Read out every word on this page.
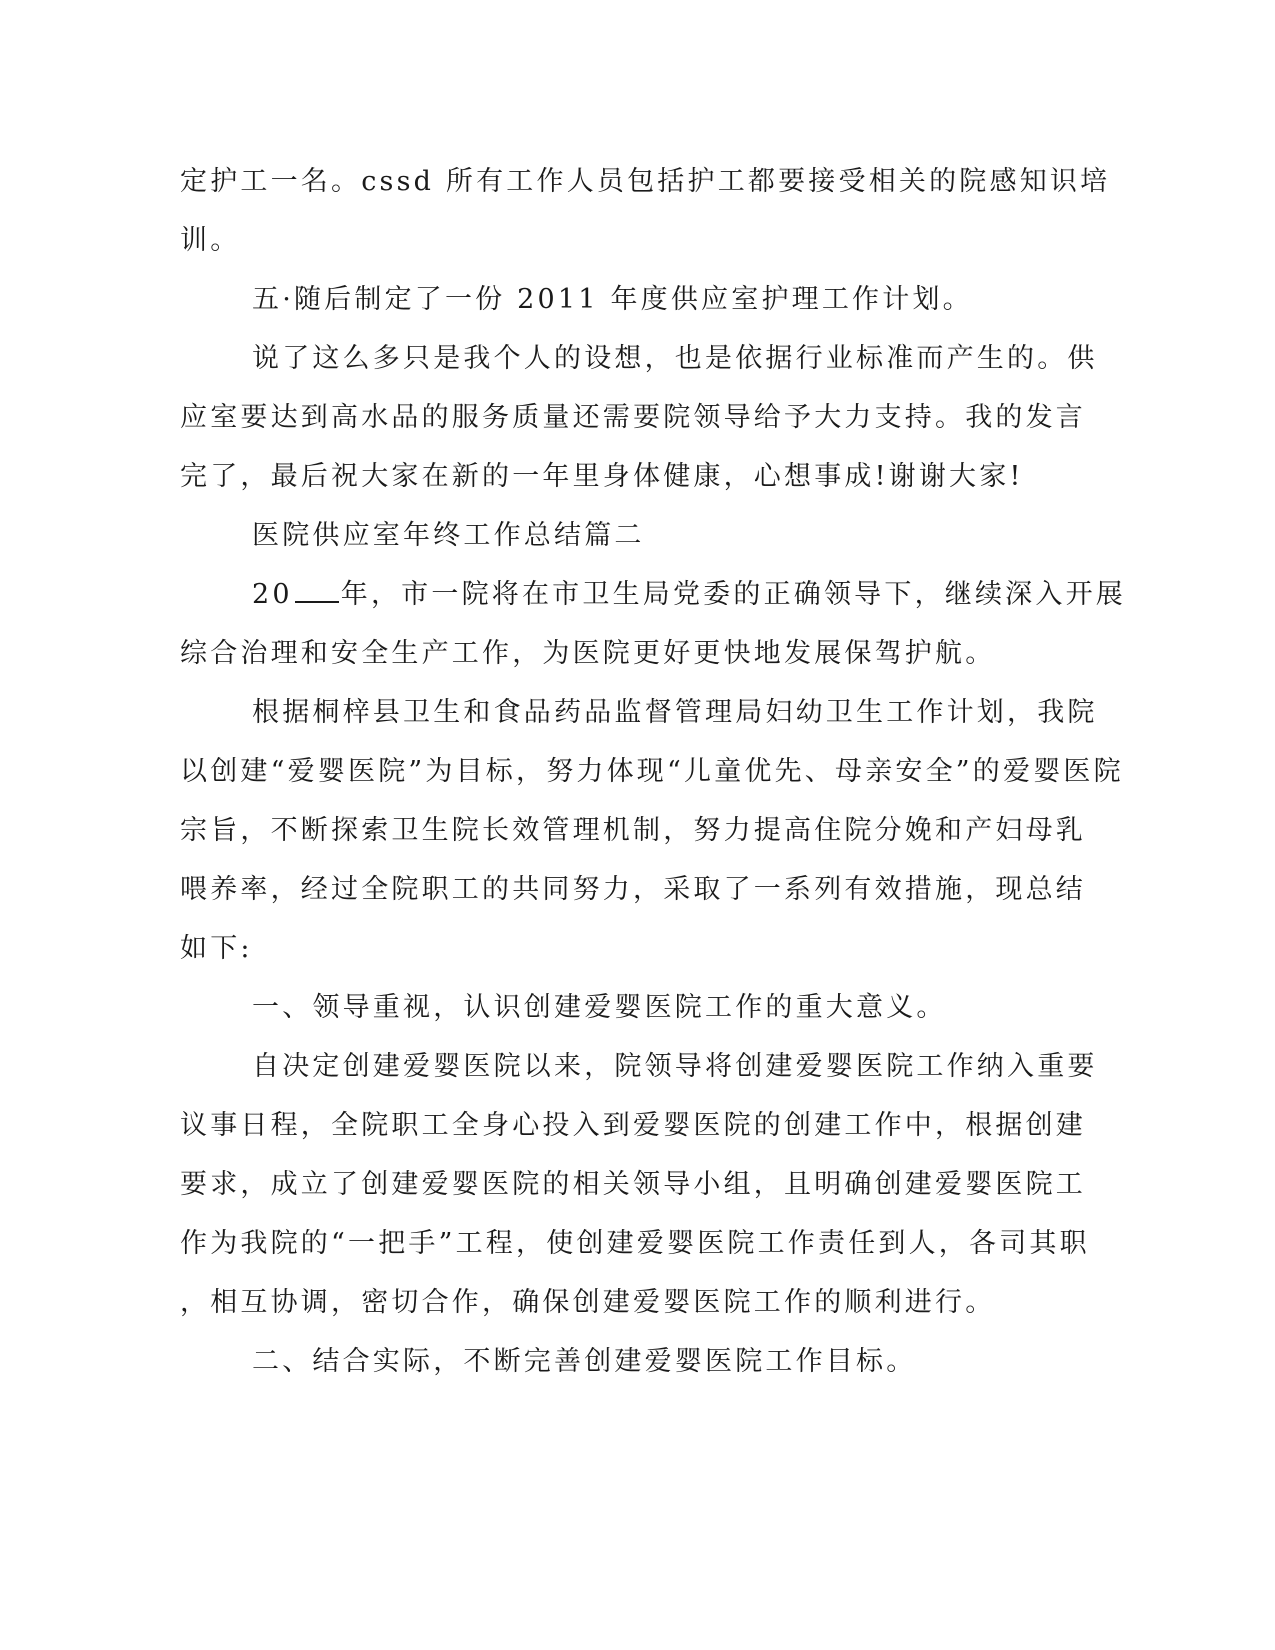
定护工一名。cssd 所有工作人员包括护工都要接受相关的院感知识培

训。

五·随后制定了一份 2011 年度供应室护理工作计划。

说了这么多只是我个人的设想，也是依据行业标准而产生的。供

应室要达到高水品的服务质量还需要院领导给予大力支持。我的发言

完了，最后祝大家在新的一年里身体健康，心想事成!谢谢大家!

医院供应室年终工作总结篇二

20 年，市一院将在市卫生局党委的正确领导下，继续深入开展

综合治理和安全生产工作，为医院更好更快地发展保驾护航。

根据桐梓县卫生和食品药品监督管理局妇幼卫生工作计划，我院

以创建“爱婴医院”为目标，努力体现“儿童优先、母亲安全”的爱婴医院

宗旨，不断探索卫生院长效管理机制，努力提高住院分娩和产妇母乳

喂养率，经过全院职工的共同努力，采取了一系列有效措施，现总结

如下:

一、领导重视，认识创建爱婴医院工作的重大意义。

自决定创建爱婴医院以来，院领导将创建爱婴医院工作纳入重要

议事日程，全院职工全身心投入到爱婴医院的创建工作中，根据创建

要求，成立了创建爱婴医院的相关领导小组，且明确创建爱婴医院工

作为我院的“一把手”工程，使创建爱婴医院工作责任到人，各司其职

，相互协调，密切合作，确保创建爱婴医院工作的顺利进行。

二、结合实际，不断完善创建爱婴医院工作目标。
